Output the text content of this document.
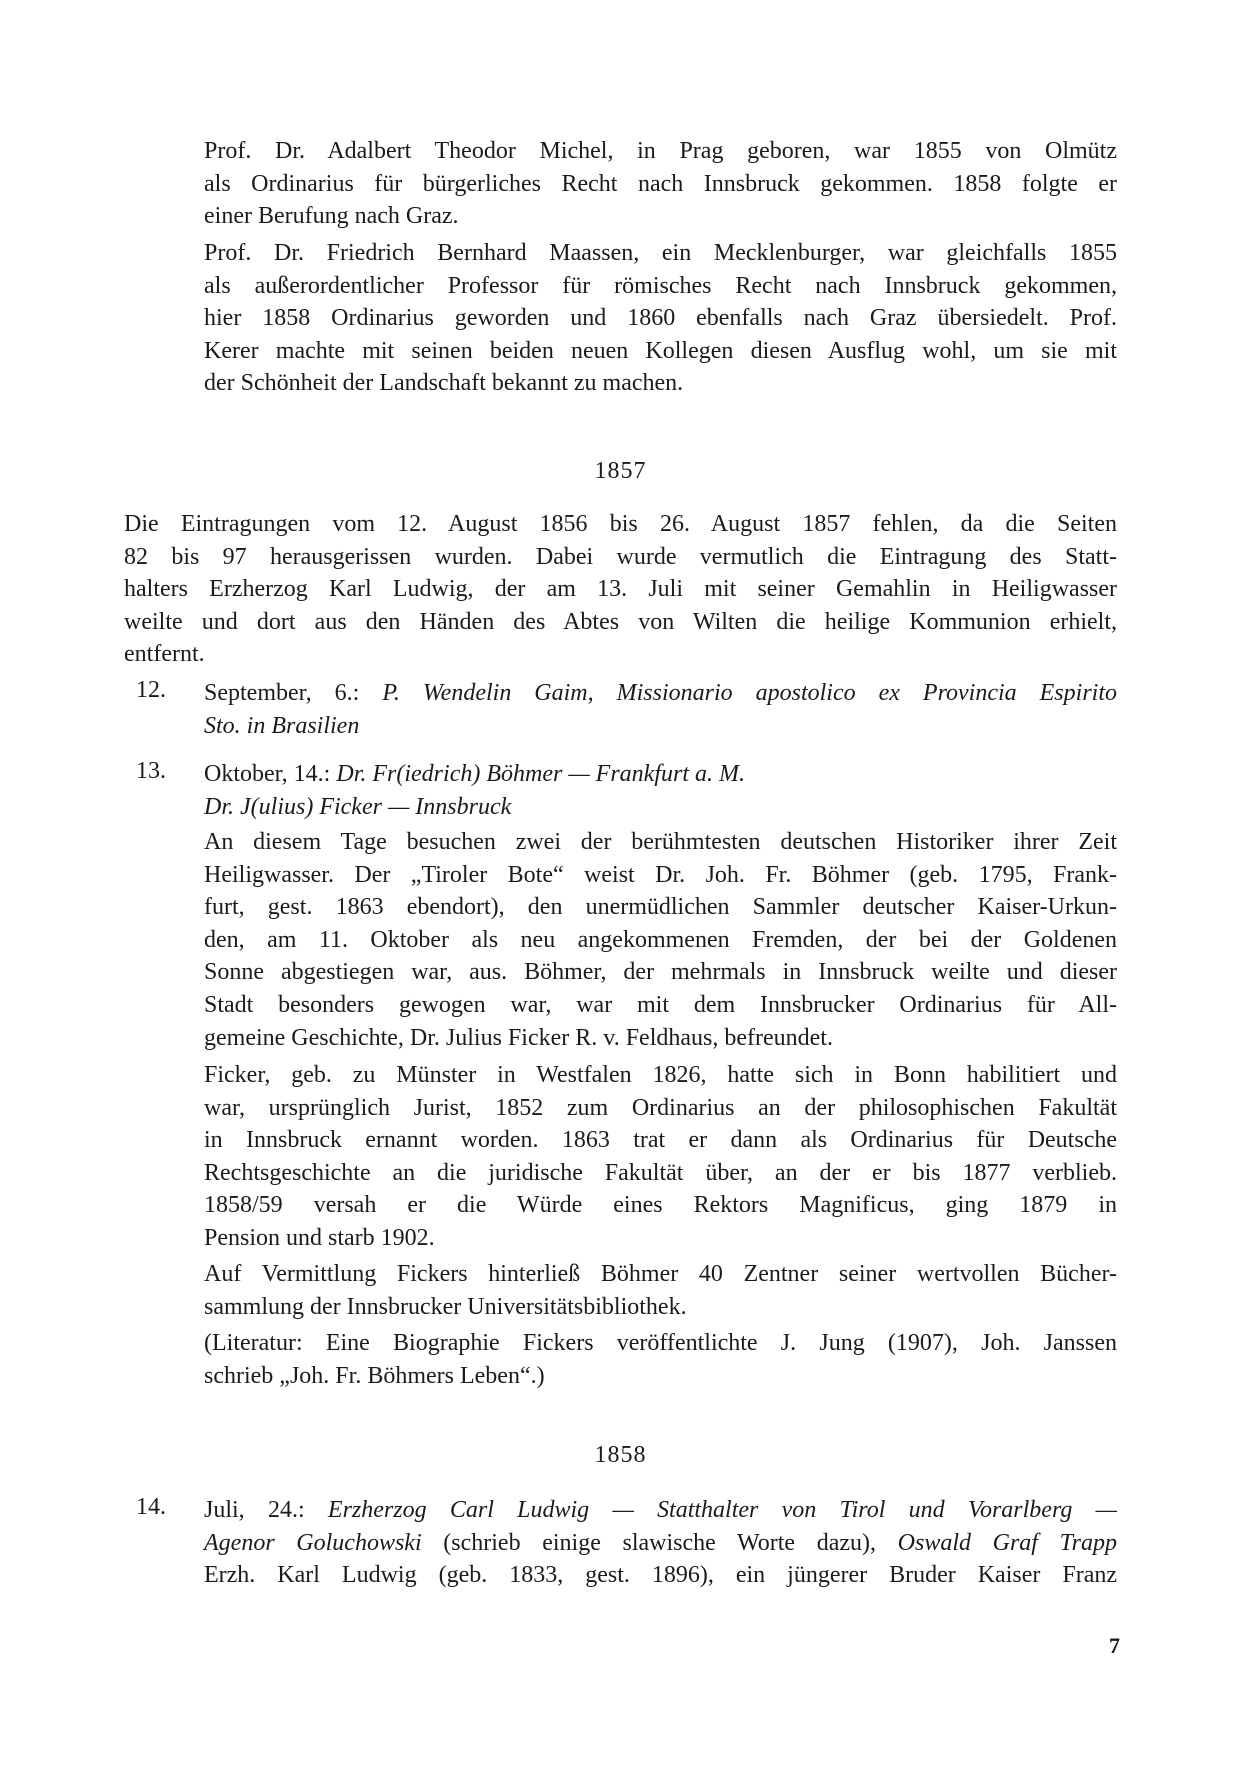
Prof. Dr. Adalbert Theodor Michel, in Prag geboren, war 1855 von Olmütz
als Ordinarius für bürgerliches Recht nach Innsbruck gekommen. 1858 folgte er
einer Berufung nach Graz.
Prof. Dr. Friedrich Bernhard Maassen, ein Mecklenburger, war gleichfalls 1855
als außerordentlicher Professor für römisches Recht nach Innsbruck gekommen,
hier 1858 Ordinarius geworden und 1860 ebenfalls nach Graz übersiedelt. Prof.
Kerer machte mit seinen beiden neuen Kollegen diesen Ausflug wohl, um sie mit
der Schönheit der Landschaft bekannt zu machen.
1857
Die Eintragungen vom 12. August 1856 bis 26. August 1857 fehlen, da die Seiten
82 bis 97 herausgerissen wurden. Dabei wurde vermutlich die Eintragung des Statt-
halters Erzherzog Karl Ludwig, der am 13. Juli mit seiner Gemahlin in Heiligwasser
weilte und dort aus den Händen des Abtes von Wilten die heilige Kommunion erhielt,
entfernt.
12. September, 6.: P. Wendelin Gaim, Missionario apostolico ex Provincia Espirito
Sto. in Brasilien
13. Oktober, 14.: Dr. Fr(iedrich) Böhmer — Frankfurt a. M.
Dr. J(ulius) Ficker — Innsbruck
An diesem Tage besuchen zwei der berühmtesten deutschen Historiker ihrer Zeit
Heiligwasser. Der „Tiroler Bote“ weist Dr. Joh. Fr. Böhmer (geb. 1795, Frank-
furt, gest. 1863 ebendort), den unermüdlichen Sammler deutscher Kaiser-Urkun-
den, am 11. Oktober als neu angekommenen Fremden, der bei der Goldenen
Sonne abgestiegen war, aus. Böhmer, der mehrmals in Innsbruck weilte und dieser
Stadt besonders gewogen war, war mit dem Innsbrucker Ordinarius für All-
gemeine Geschichte, Dr. Julius Ficker R. v. Feldhaus, befreundet.
Ficker, geb. zu Münster in Westfalen 1826, hatte sich in Bonn habilitiert und
war, ursprünglich Jurist, 1852 zum Ordinarius an der philosophischen Fakultät
in Innsbruck ernannt worden. 1863 trat er dann als Ordinarius für Deutsche
Rechtsgeschichte an die juridische Fakultät über, an der er bis 1877 verblieb.
1858/59 versah er die Würde eines Rektors Magnificus, ging 1879 in
Pension und starb 1902.
Auf Vermittlung Fickers hinterließ Böhmer 40 Zentner seiner wertvollen Bücher-
sammlung der Innsbrucker Universitätsbibliothek.
(Literatur: Eine Biographie Fickers veröffentlichte J. Jung (1907), Joh. Janssen
schrieb „Joh. Fr. Böhmers Leben“.)
1858
14. Juli, 24.: Erzherzog Carl Ludwig — Statthalter von Tirol und Vorarlberg —
Agenor Goluchowski (schrieb einige slawische Worte dazu), Oswald Graf Trapp
Erzh. Karl Ludwig (geb. 1833, gest. 1896), ein jüngerer Bruder Kaiser Franz
7
